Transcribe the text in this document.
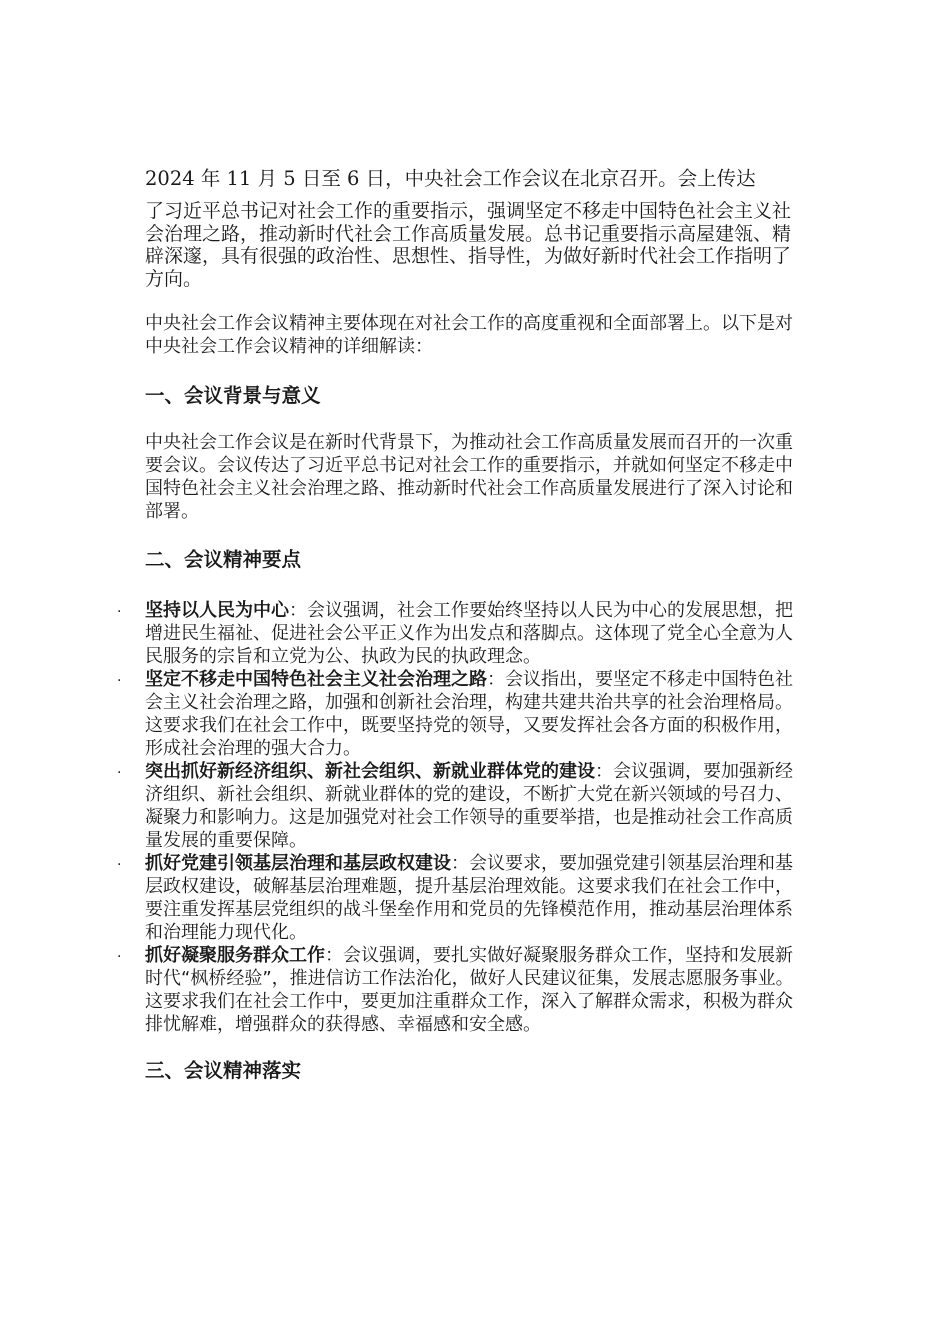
2024 年 11 月 5 日至 6 日，中央社会工作会议在北京召开。会上传达

了习近平总书记对社会工作的重要指示，强调坚定不移走中国特色社会主义社会治理之路，推动新时代社会工作高质量发展。总书记重要指示高屋建瓴、精辟深邃，具有很强的政治性、思想性、指导性，为做好新时代社会工作指明了方向。

中央社会工作会议精神主要体现在对社会工作的高度重视和全面部署上。以下是对中央社会工作会议精神的详细解读：

一、会议背景与意义

中央社会工作会议是在新时代背景下，为推动社会工作高质量发展而召开的一次重要会议。会议传达了习近平总书记对社会工作的重要指示，并就如何坚定不移走中国特色社会主义社会治理之路、推动新时代社会工作高质量发展进行了深入讨论和部署。

二、会议精神要点
· 坚持以人民为中心：会议强调，社会工作要始终坚持以人民为中心的发展思想，把增进民生福祉、促进社会公平正义作为出发点和落脚点。这体现了党全心全意为人民服务的宗旨和立党为公、执政为民的执政理念。
· 坚定不移走中国特色社会主义社会治理之路：会议指出，要坚定不移走中国特色社会主义社会治理之路，加强和创新社会治理，构建共建共治共享的社会治理格局。这要求我们在社会工作中，既要坚持党的领导，又要发挥社会各方面的积极作用，形成社会治理的强大合力。
· 突出抓好新经济组织、新社会组织、新就业群体党的建设：会议强调，要加强新经济组织、新社会组织、新就业群体的党的建设，不断扩大党在新兴领域的号召力、凝聚力和影响力。这是加强党对社会工作领导的重要举措，也是推动社会工作高质量发展的重要保障。
· 抓好党建引领基层治理和基层政权建设：会议要求，要加强党建引领基层治理和基层政权建设，破解基层治理难题，提升基层治理效能。这要求我们在社会工作中，要注重发挥基层党组织的战斗堡垒作用和党员的先锋模范作用，推动基层治理体系和治理能力现代化。
· 抓好凝聚服务群众工作：会议强调，要扎实做好凝聚服务群众工作，坚持和发展新时代“枫桥经验”，推进信访工作法治化，做好人民建议征集，发展志愿服务事业。这要求我们在社会工作中，要更加注重群众工作，深入了解群众需求，积极为群众排忧解难，增强群众的获得感、幸福感和安全感。
三、会议精神落实
